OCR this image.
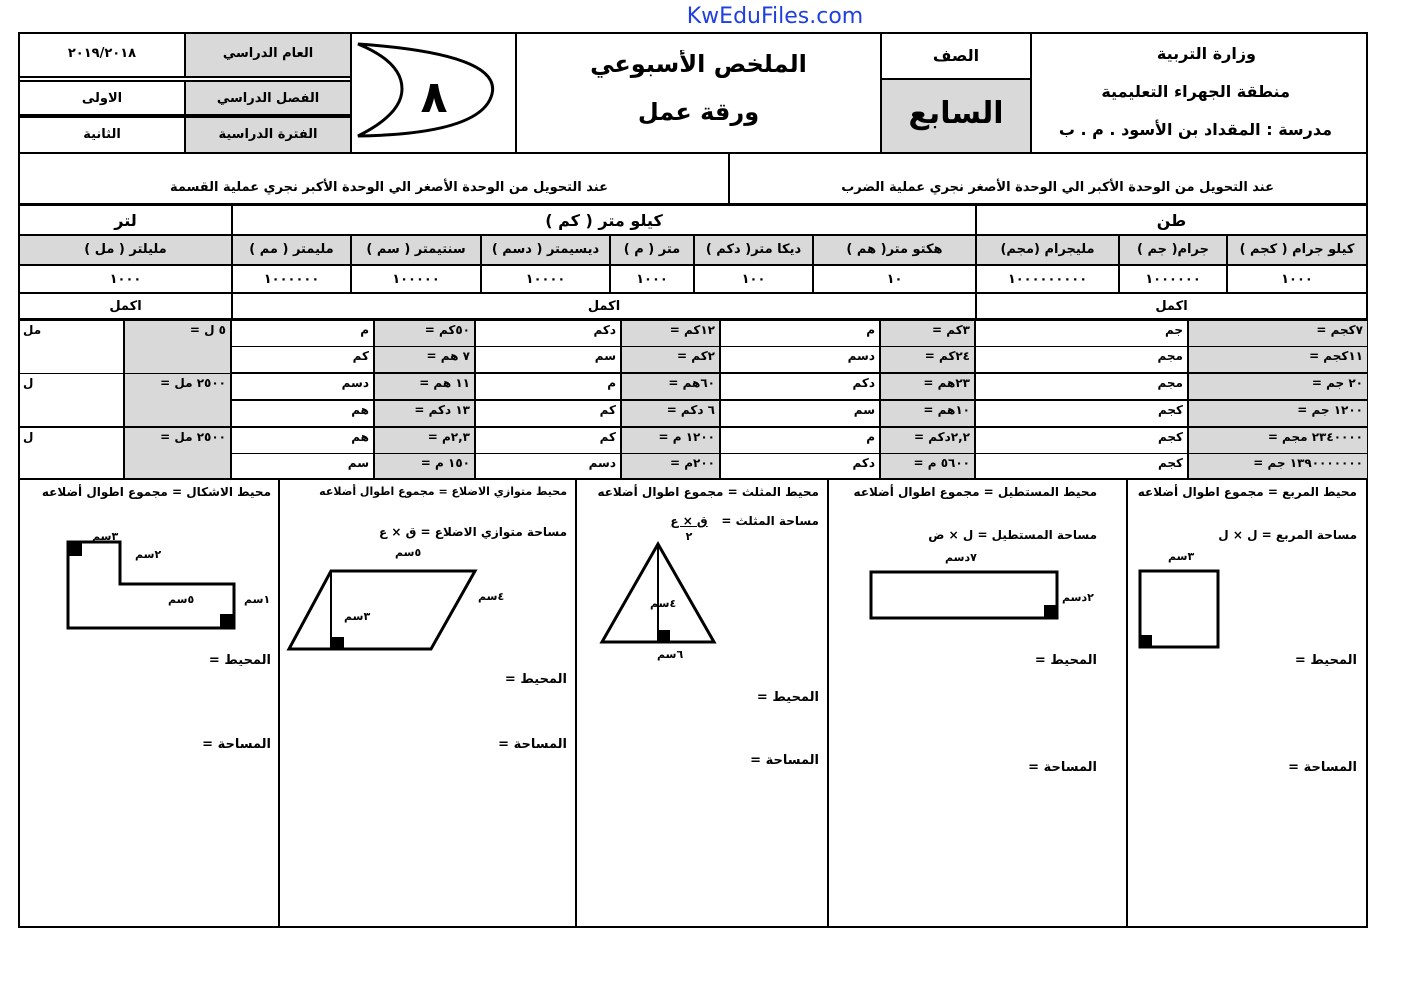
KwEduFiles.com
وزارة التربية
منطقة الجهراء التعليمية
مدرسة : المقداد بن الأسود . م . ب
الصف
السابع
الملخص الأسبوعي
ورقة عمل
٨
العام الدراسي
٢٠١٩/٢٠١٨
الفصل الدراسي
الاولى
الفترة الدراسية
الثانية
عند التحويل من الوحدة الأكبر الي الوحدة الأصغر نجري عملية الضرب
عند التحويل من الوحدة الأصغر الي الوحدة الأكبر نجري عملية القسمة
طن
كيلو متر ( كم )
لتر
كيلو جرام ( كجم )
جرام( جم )
مليجرام (مجم)
هكتو متر( هم )
ديكا متر( دكم )
متر ( م )
ديسيمتر ( دسم )
سنتيمتر ( سم )
مليمتر ( مم )
مليلتر ( مل )
١٠٠٠
١٠٠٠٠٠٠
١٠٠٠٠٠٠٠٠٠
١٠
١٠٠
١٠٠٠
١٠٠٠٠
١٠٠٠٠٠
١٠٠٠٠٠٠
١٠٠٠
اكمل
اكمل
اكمل
٧كجم =
جم
١١كجم =
مجم
٢٠ جم =
مجم
١٢٠٠ جم =
كجم
٢٣٤٠٠٠٠ مجم =
كجم
١٣٩٠٠٠٠٠٠٠ جم =
كجم
٣كم =
م
٢٤كم =
دسم
٢٣هم =
دكم
١٠هم =
سم
٢,٢دكم =
م
٥٦٠٠ م =
دكم
١٢كم =
دكم
٢كم =
سم
٦٠هم =
م
٦ دكم =
كم
١٢٠٠ م =
كم
٢٠٠م =
دسم
٥٠كم =
م
٧ هم =
كم
١١ هم =
دسم
١٣ دكم =
هم
٢,٣م =
هم
١٥٠ م =
سم
٥ ل =
مل
٢٥٠٠ مل =
ل
٢٥٠٠ مل =
ل
محيط المربع = مجموع اطوال أضلاعه
مساحة المربع = ل × ل
٣سم
المحيط =
المساحة =
محيط المستطيل = مجموع اطوال أضلاعه
مساحة المستطيل = ل × ض
٧دسم
٢دسم
المحيط =
المساحة =
محيط المثلث = مجموع اطوال أضلاعه
مساحة المثلث =
ق × ع
٢
٤سم
٦سم
المحيط =
المساحة =
محيط متوازي الاضلاع = مجموع اطوال أضلاعه
مساحة متوازي الاضلاع = ق × ع
٥سم
٤سم
٣سم
المحيط =
المساحة =
محيط الاشكال = مجموع اطوال أضلاعه
٣سم
٢سم
٥سم	١سم
المحيط =
المساحة =
